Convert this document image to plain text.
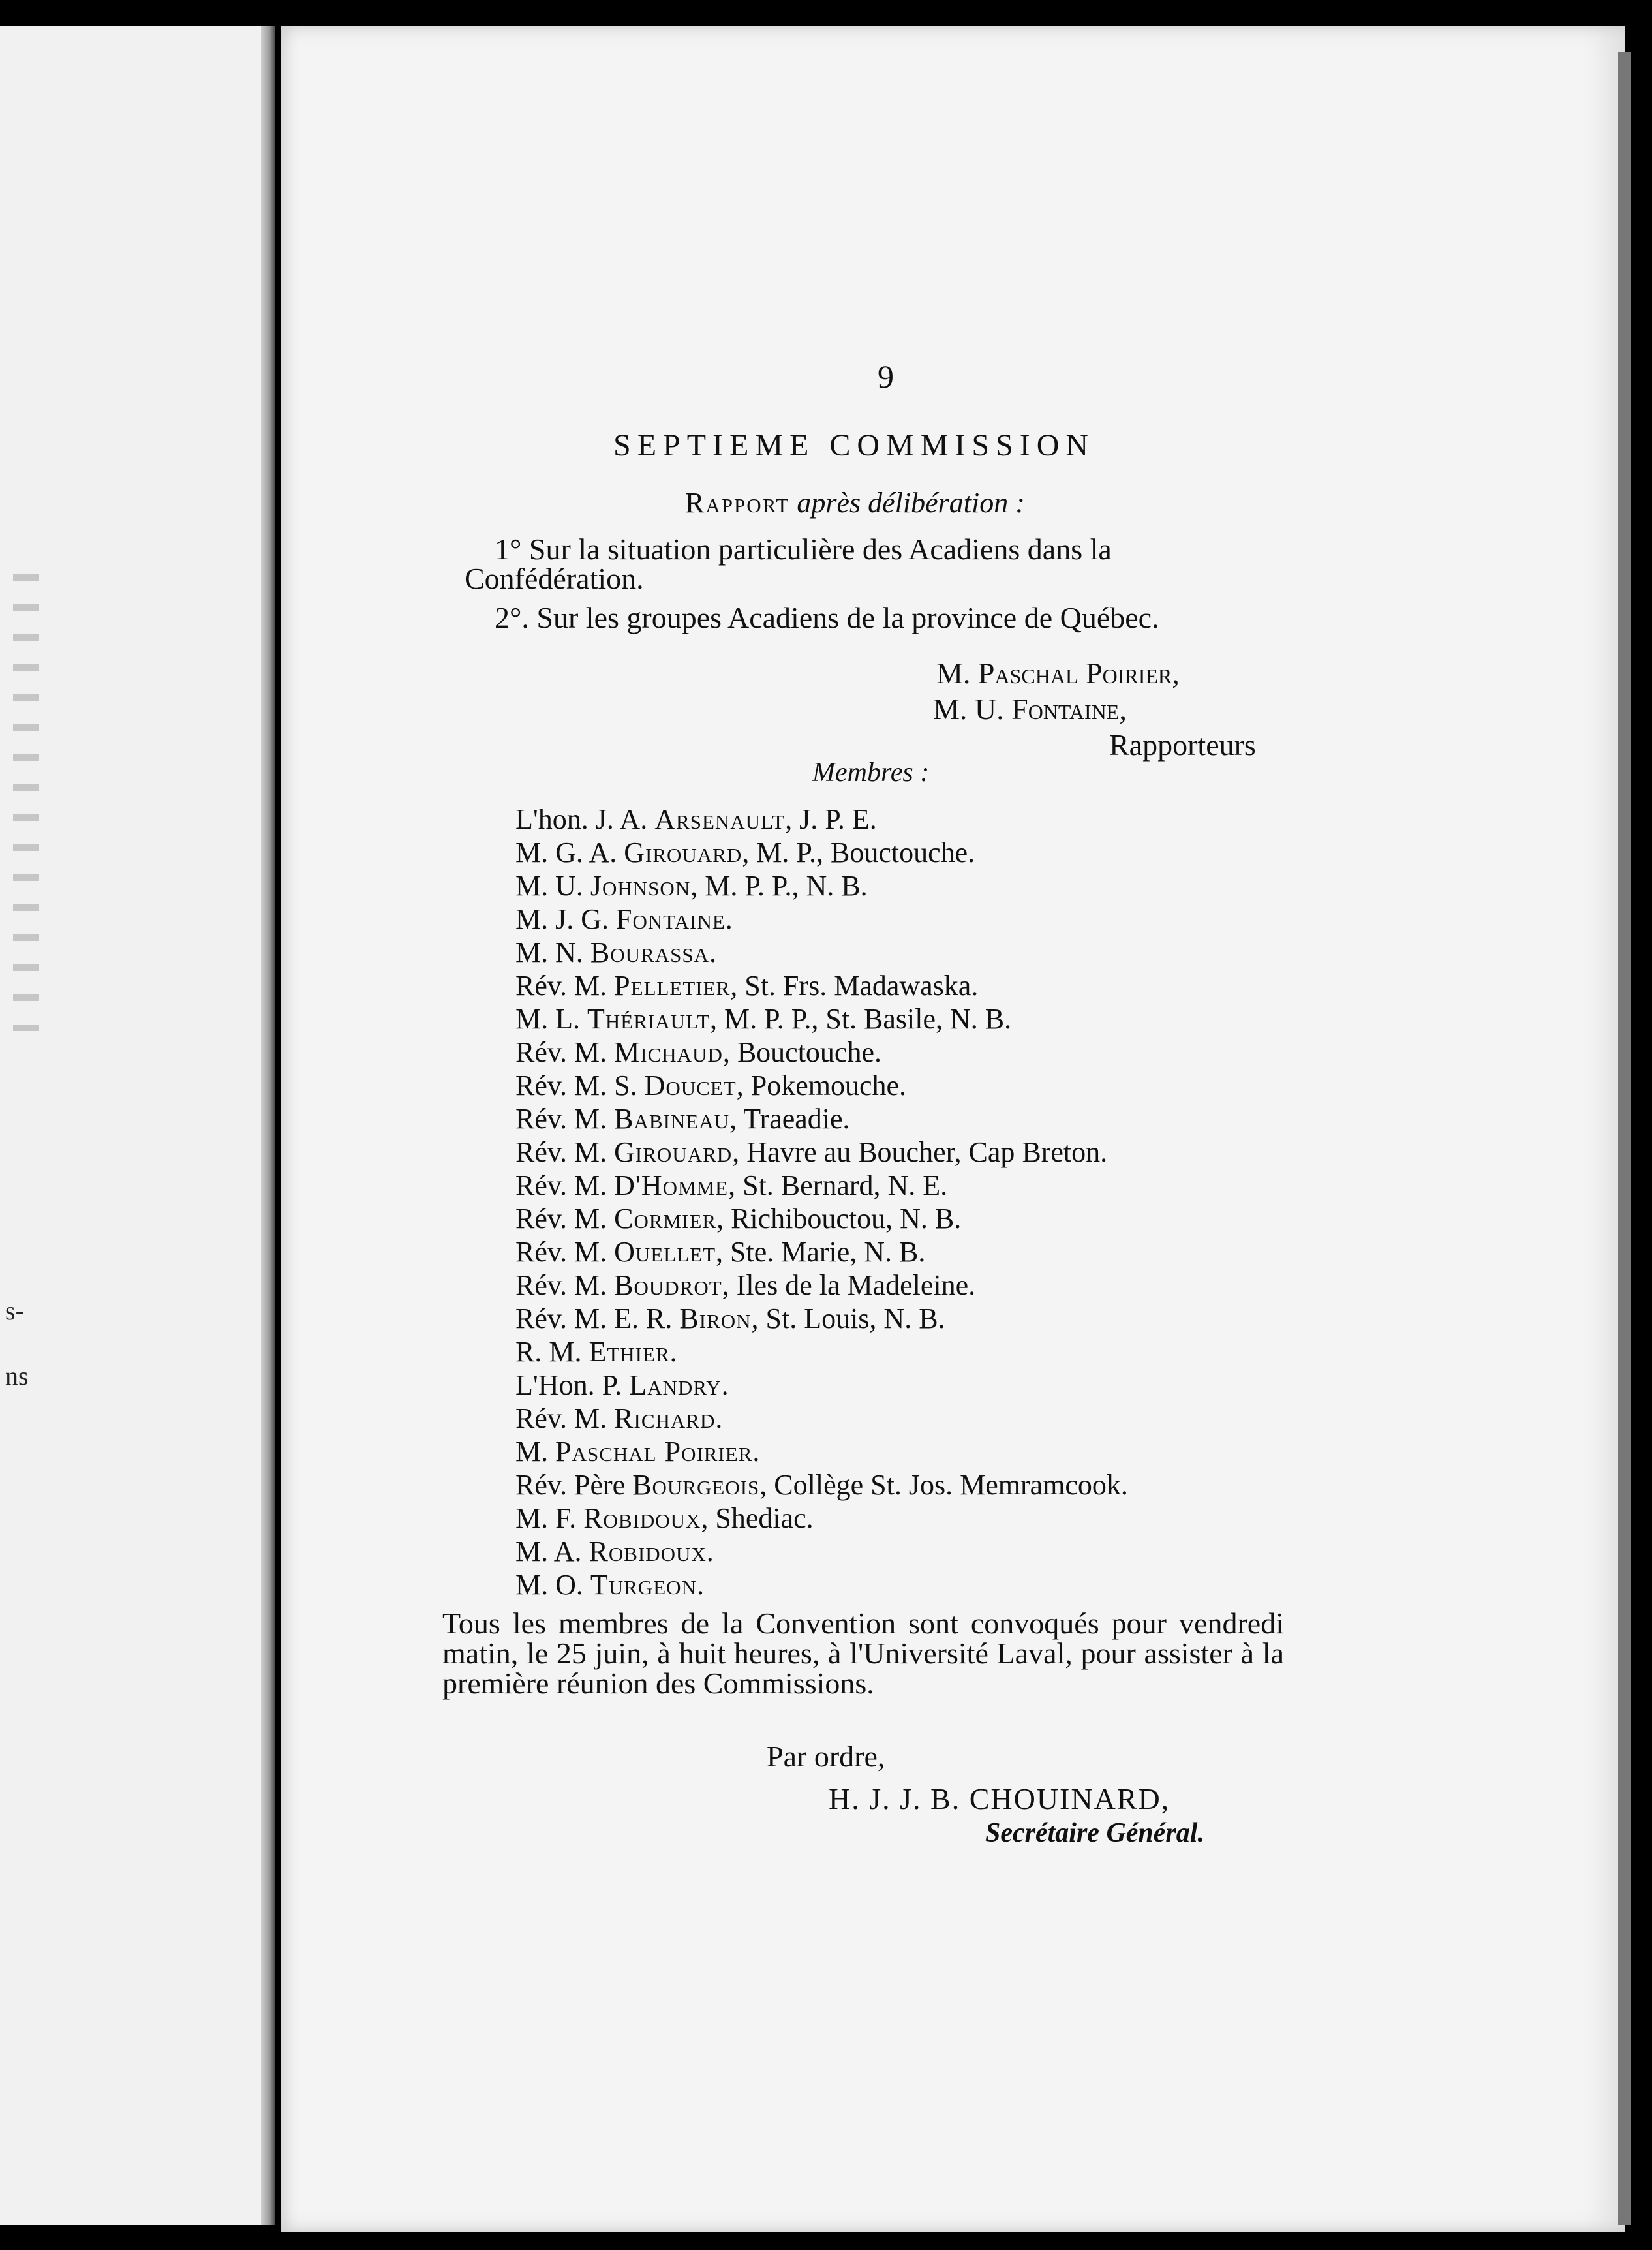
s-
ns
9
SEPTIEME COMMISSION
Rapport après délibération :
1° Sur la situation particulière des Acadiens dans la
Confédération.
2°. Sur les groupes Acadiens de la province de Québec.
M. Paschal Poirier,
M. U. Fontaine,
Rapporteurs
Membres :
L'hon. J. A. Arsenault, J. P. E.
M. G. A. Girouard, M. P., Bouctouche.
M. U. Johnson, M. P. P., N. B.
M. J. G. Fontaine.
M. N. Bourassa.
Rév. M. Pelletier, St. Frs. Madawaska.
M. L. Thériault, M. P. P., St. Basile, N. B.
Rév. M. Michaud, Bouctouche.
Rév. M. S. Doucet, Pokemouche.
Rév. M. Babineau, Traeadie.
Rév. M. Girouard, Havre au Boucher, Cap Breton.
Rév. M. D'Homme, St. Bernard, N. E.
Rév. M. Cormier, Richibouctou, N. B.
Rév. M. Ouellet, Ste. Marie, N. B.
Rév. M. Boudrot, Iles de la Madeleine.
Rév. M. E. R. Biron, St. Louis, N. B.
R. M. Ethier.
L'Hon. P. Landry.
Rév. M. Richard.
M. Paschal Poirier.
Rév. Père Bourgeois, Collège St. Jos. Memramcook.
M. F. Robidoux, Shediac.
M. A. Robidoux.
M. O. Turgeon.
Tous les membres de la Convention sont convoqués pour vendredi matin, le 25 juin, à huit heures, à l'Université Laval, pour assister à la première réunion des Commissions.
Par ordre,
H. J. J. B. CHOUINARD,
Secrétaire Général.
